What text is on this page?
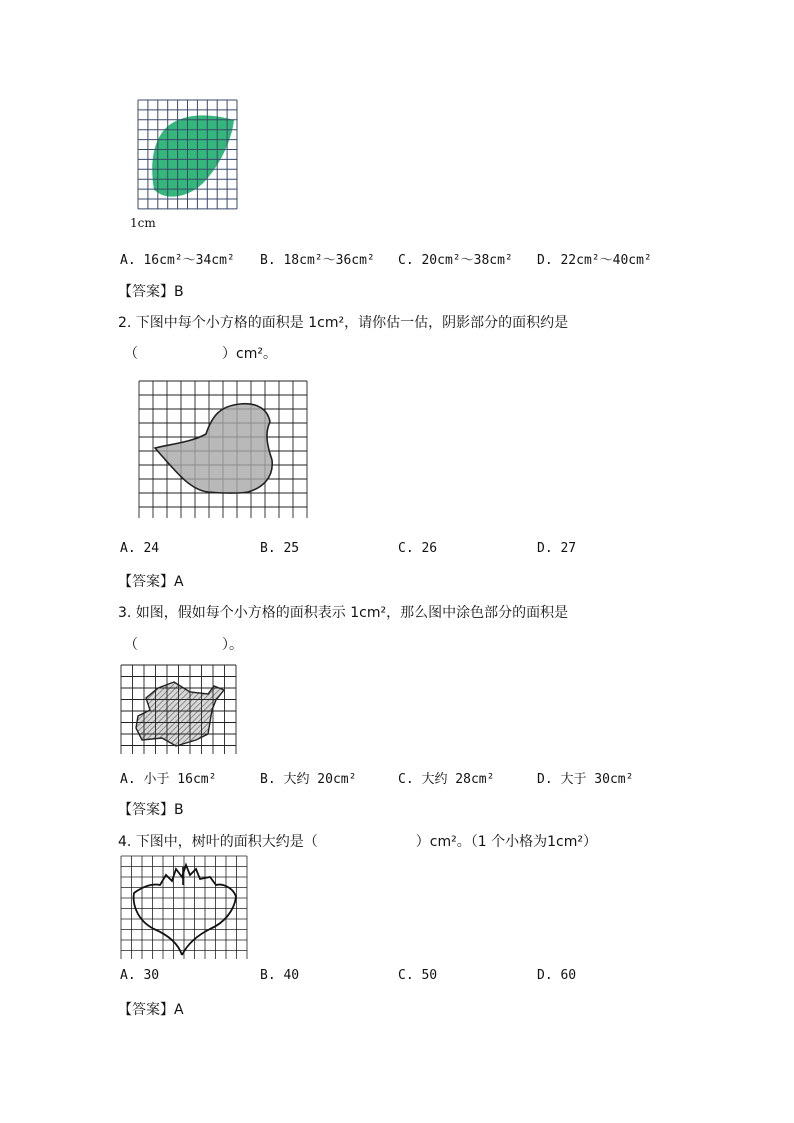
1cm
A. 16cm²～34cm² B. 18cm²～36cm² C. 20cm²～38cm² D. 22cm²～40cm²
【答案】B
2. 下图中每个小方格的面积是 1cm²，请你估一估，阴影部分的面积约是
（　　　　　　）cm²。
A. 24	B. 25	C. 26	D. 27
【答案】A
3. 如图，假如每个小方格的面积表示 1cm²，那么图中涂色部分的面积是
（　　　　　　）。
A. 小于 16cm²	B. 大约 20cm²	C. 大约 28cm²	D. 大于 30cm²
【答案】B
4. 下图中，树叶的面积大约是（　　　　　　　）cm²。（1 个小格为1cm²）
A. 30	B. 40	C. 50	D. 60
【答案】A
